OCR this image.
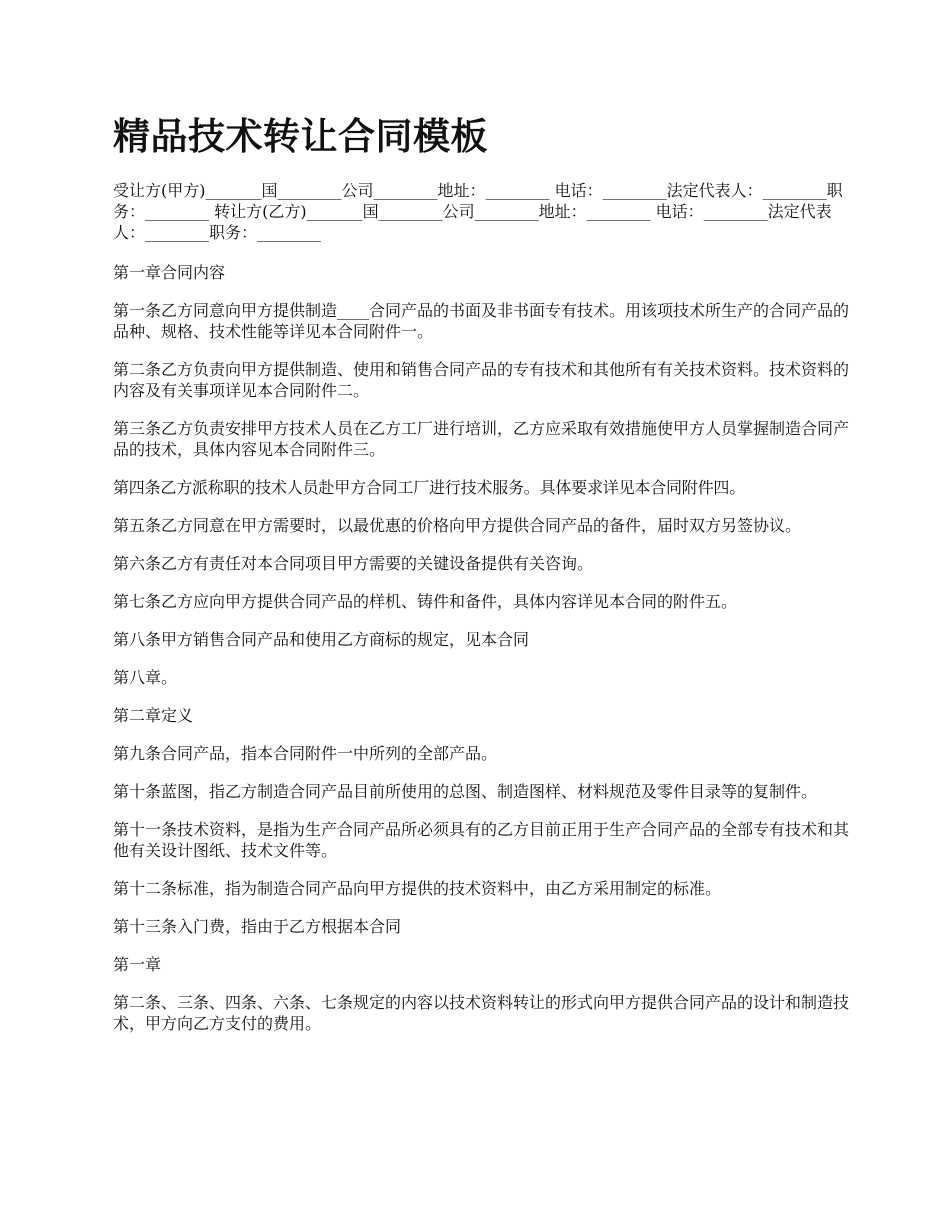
精品技术转让合同模板

受让方(甲方)_______国________公司________地址：________ 电话：________法定代表人：________职务：________ 转让方(乙方)_______国________公司________地址：________ 电话：________法定代表人：________职务：________

第一章合同内容

第一条乙方同意向甲方提供制造____合同产品的书面及非书面专有技术。用该项技术所生产的合同产品的品种、规格、技术性能等详见本合同附件一。

第二条乙方负责向甲方提供制造、使用和销售合同产品的专有技术和其他所有有关技术资料。技术资料的内容及有关事项详见本合同附件二。

第三条乙方负责安排甲方技术人员在乙方工厂进行培训，乙方应采取有效措施使甲方人员掌握制造合同产品的技术，具体内容见本合同附件三。

第四条乙方派称职的技术人员赴甲方合同工厂进行技术服务。具体要求详见本合同附件四。

第五条乙方同意在甲方需要时，以最优惠的价格向甲方提供合同产品的备件，届时双方另签协议。

第六条乙方有责任对本合同项目甲方需要的关键设备提供有关咨询。

第七条乙方应向甲方提供合同产品的样机、铸件和备件，具体内容详见本合同的附件五。

第八条甲方销售合同产品和使用乙方商标的规定，见本合同

第八章。

第二章定义

第九条合同产品，指本合同附件一中所列的全部产品。

第十条蓝图，指乙方制造合同产品目前所使用的总图、制造图样、材料规范及零件目录等的复制件。

第十一条技术资料，是指为生产合同产品所必须具有的乙方目前正用于生产合同产品的全部专有技术和其他有关设计图纸、技术文件等。

第十二条标准，指为制造合同产品向甲方提供的技术资料中，由乙方采用制定的标准。

第十三条入门费，指由于乙方根据本合同

第一章

第二条、三条、四条、六条、七条规定的内容以技术资料转让的形式向甲方提供合同产品的设计和制造技术，甲方向乙方支付的费用。
